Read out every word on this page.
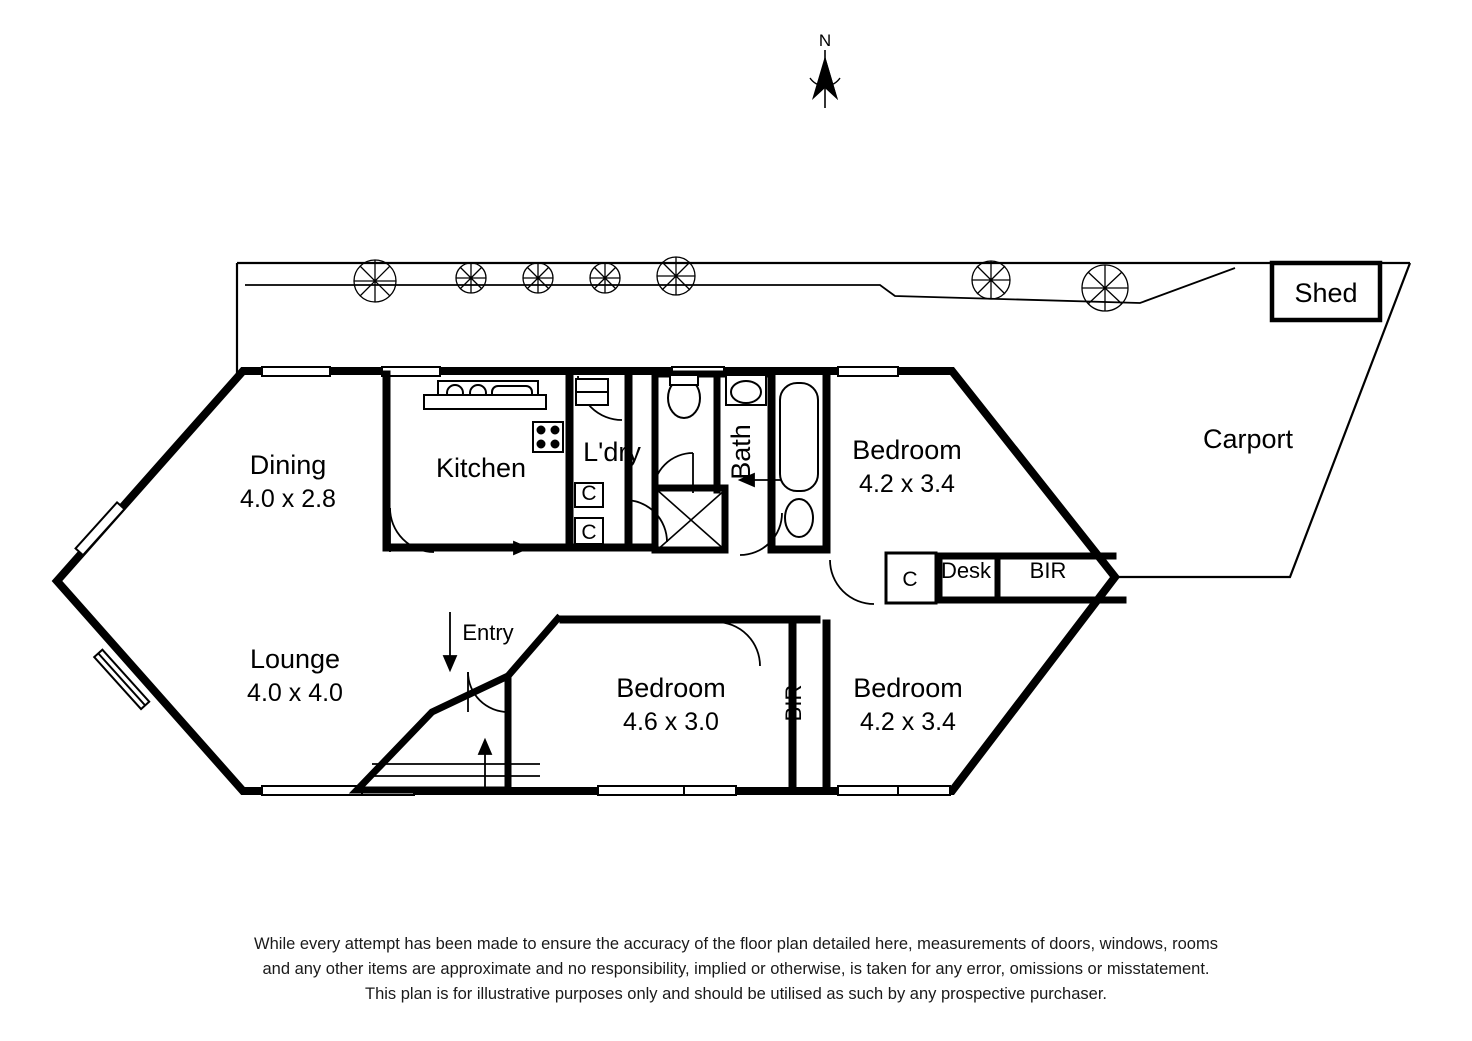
N
Shed
Carport
Dining
4.0 x 2.8
Lounge
4.0 x 4.0
Kitchen
L'dry	Bath	Bedroom
4.2 x 3.4
Bedroom
4.6 x 3.0
Bedroom
4.2 x 3.4
Entry
Desk BIR
BIR
C
C
C
While every attempt has been made to ensure the accuracy of the floor plan detailed here, measurements of doors, windows, rooms
and any other items are approximate and no responsibility, implied or otherwise, is taken for any error, omissions or misstatement.
This plan is for illustrative purposes only and should be utilised as such by any prospective purchaser.
